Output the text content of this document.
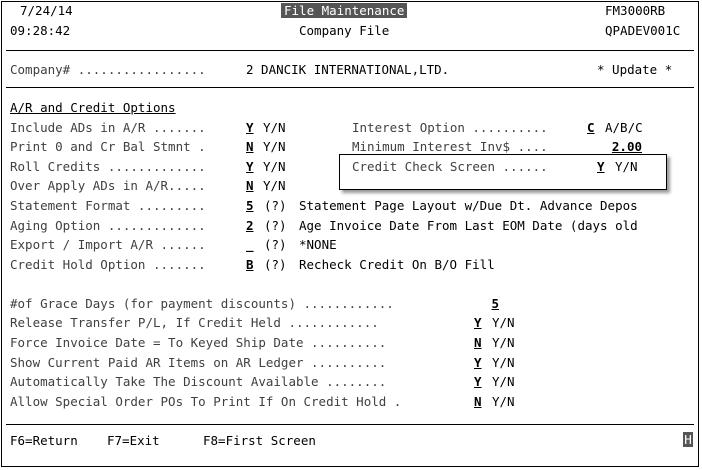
7/24/14	File Maintenance	FM3000RB
09:28:42	Company File	QPADEV001C
Company# .................	2 DANCIK INTERNATIONAL,LTD.	* Update *
A/R and Credit Options
Include ADs in A/R .......	Y Y/N
Print 0 and Cr Bal Stmnt .	N Y/N
Roll Credits .............	Y Y/N
Over Apply ADs in A/R.....	N Y/N
Interest Option ..........	C A/B/C
Minimum Interest Inv$ ....	2.00
Credit Check Screen ......	Y Y/N
Statement Format .........	5 (?) Statement Page Layout w/Due Dt. Advance Depos
Aging Option .............	2 (?) Age Invoice Date From Last EOM Date (days old
Export / Import A/R ......	_ (?) *NONE
Credit Hold Option .......	B (?) Recheck Credit On B/O Fill
#of Grace Days (for payment discounts) ............	5
Release Transfer P/L, If Credit Held ............	Y Y/N
Force Invoice Date = To Keyed Ship Date ..........	N Y/N
Show Current Paid AR Items on AR Ledger ..........	Y Y/N
Automatically Take The Discount Available ........	Y Y/N
Allow Special Order POs To Print If On Credit Hold .	N Y/N
F6=Return F7=Exit	F8=First Screen	H
